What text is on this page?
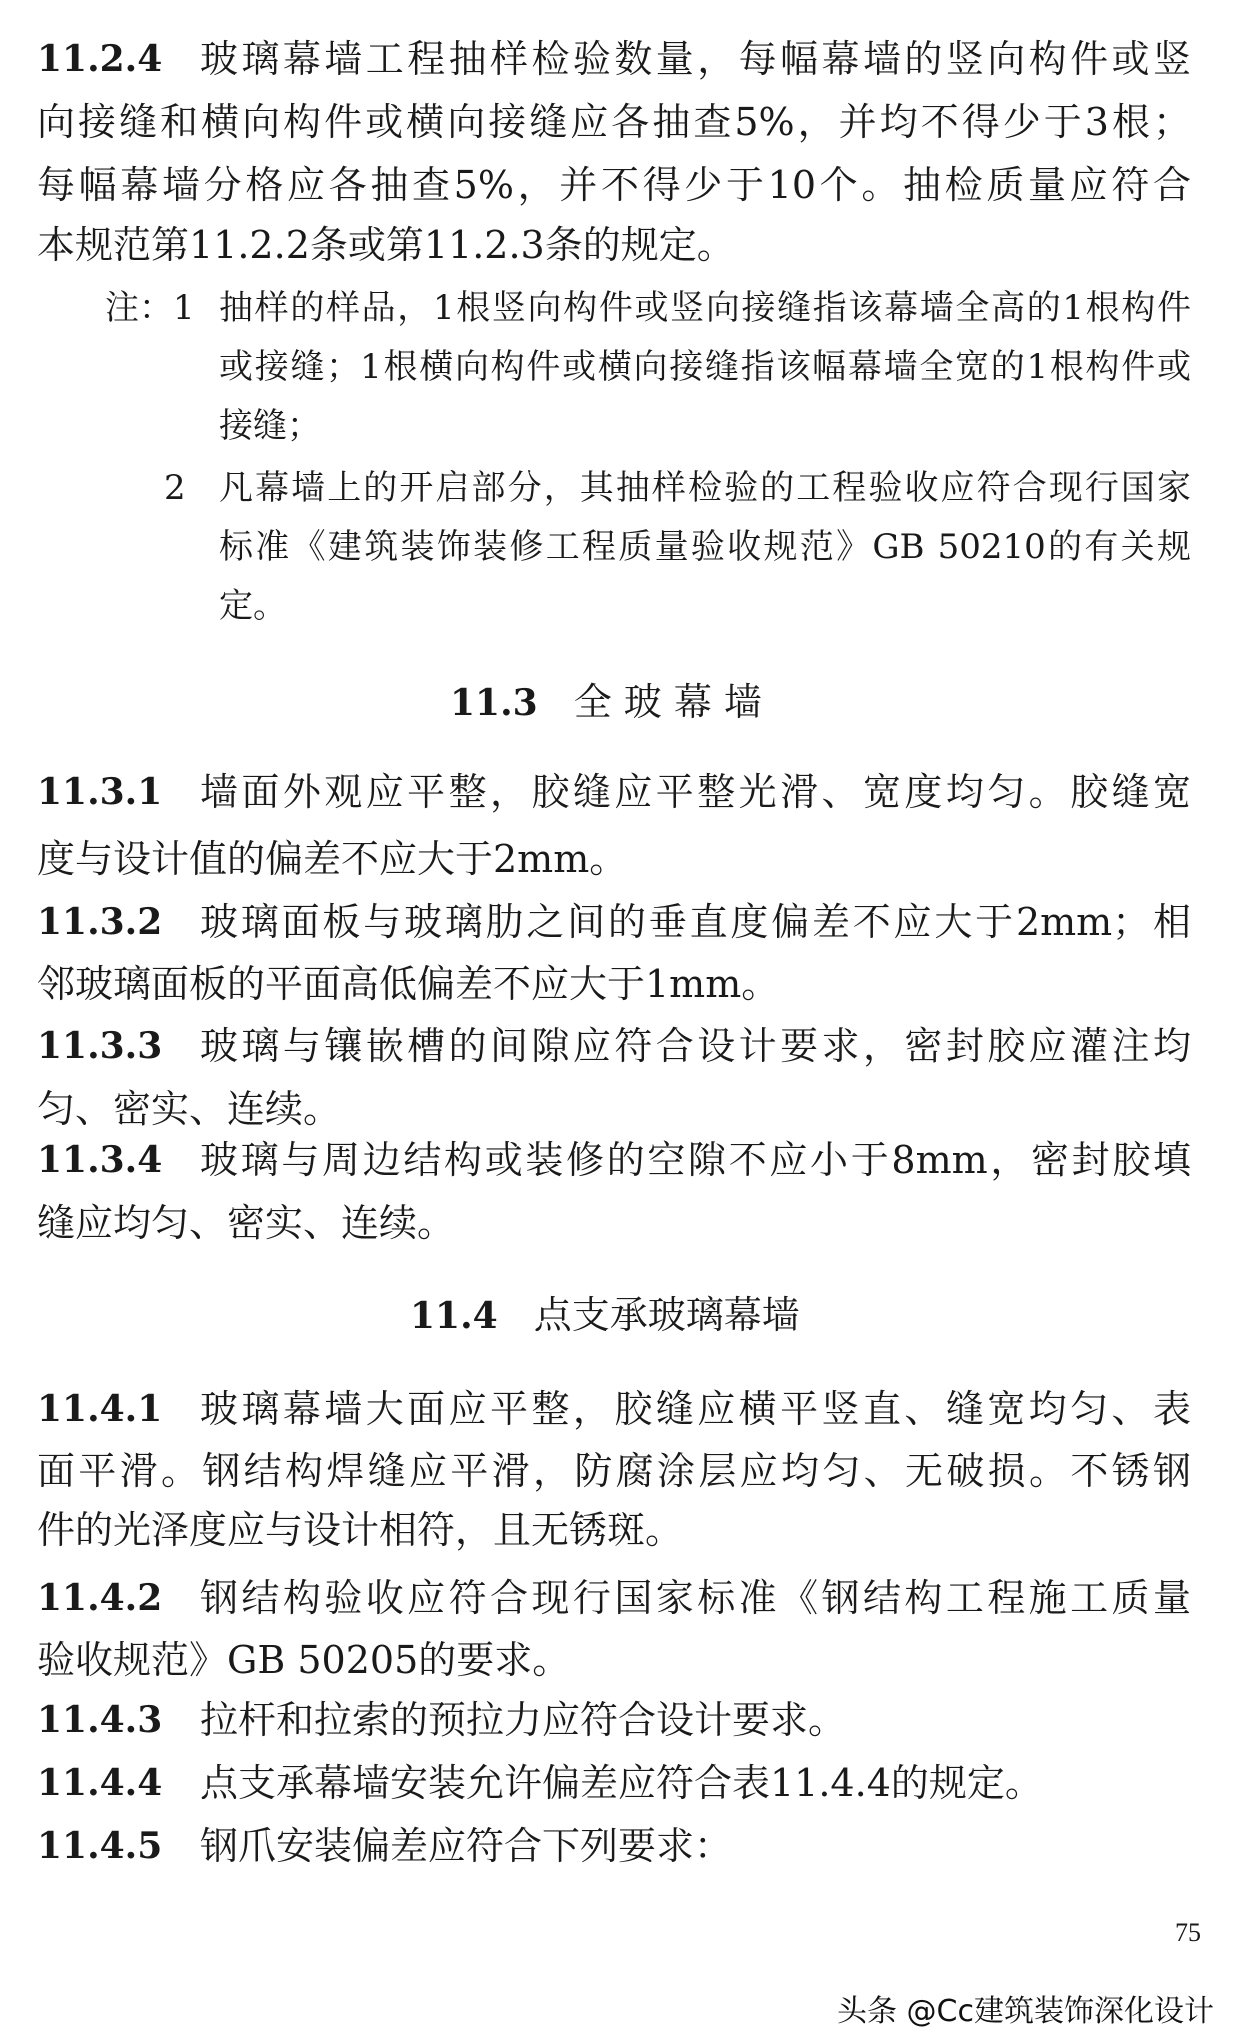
11.2.4 玻璃幕墙工程抽样检验数量，每幅幕墙的竖向构件或竖
向接缝和横向构件或横向接缝应各抽查5%，并均不得少于3根；
每幅幕墙分格应各抽查5%，并不得少于10个。抽检质量应符合
本规范第11.2.2条或第11.2.3条的规定。
注：1 抽样的样品，1根竖向构件或竖向接缝指该幕墙全高的1根构件
或接缝；1根横向构件或横向接缝指该幅幕墙全宽的1根构件或
接缝；
2 凡幕墙上的开启部分，其抽样检验的工程验收应符合现行国家
标准《建筑装饰装修工程质量验收规范》GB 50210的有关规
定。
11.3 全 玻 幕 墙
11.3.1 墙面外观应平整，胶缝应平整光滑、宽度均匀。胶缝宽
度与设计值的偏差不应大于2mm。
11.3.2 玻璃面板与玻璃肋之间的垂直度偏差不应大于2mm；相
邻玻璃面板的平面高低偏差不应大于1mm。
11.3.3 玻璃与镶嵌槽的间隙应符合设计要求，密封胶应灌注均
匀、密实、连续。
11.3.4 玻璃与周边结构或装修的空隙不应小于8mm，密封胶填
缝应均匀、密实、连续。
11.4 点支承玻璃幕墙
11.4.1 玻璃幕墙大面应平整，胶缝应横平竖直、缝宽均匀、表
面平滑。钢结构焊缝应平滑，防腐涂层应均匀、无破损。不锈钢
件的光泽度应与设计相符，且无锈斑。
11.4.2 钢结构验收应符合现行国家标准《钢结构工程施工质量
验收规范》GB 50205的要求。
11.4.3 拉杆和拉索的预拉力应符合设计要求。
11.4.4 点支承幕墙安装允许偏差应符合表11.4.4的规定。
11.4.5 钢爪安装偏差应符合下列要求：
75
头条 @Cc建筑装饰深化设计
